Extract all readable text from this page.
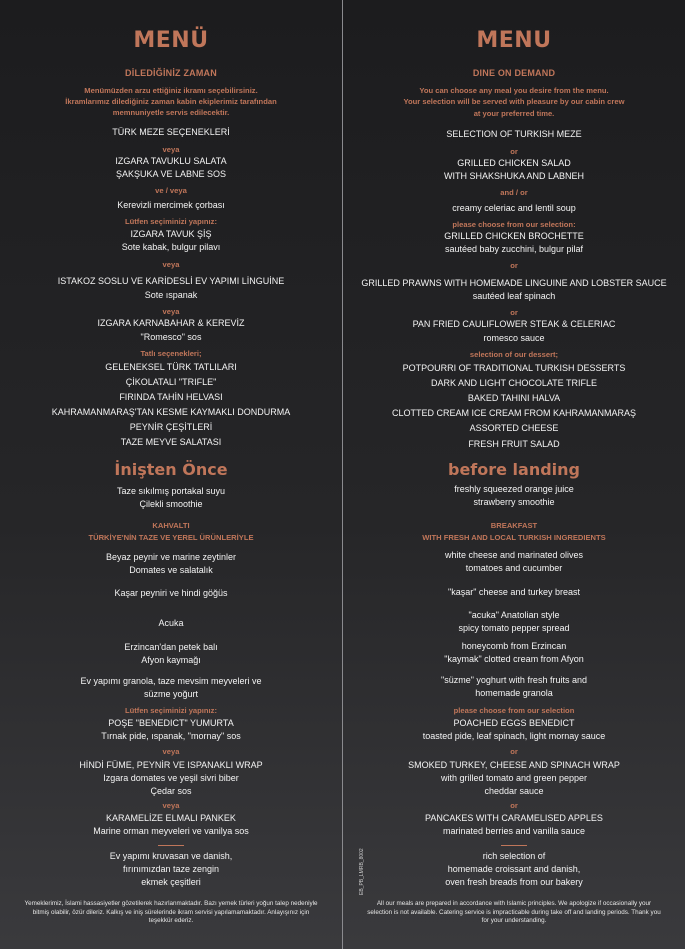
MENÜ
DİLEDİĞİNİZ ZAMAN
Menümüzden arzu ettiğiniz ikramı seçebilirsiniz.
İkramlarımız dilediğiniz zaman kabin ekiplerimiz tarafından
memnuniyetle servis edilecektir.
TÜRK MEZE SEÇENEKLERİ
veya
IZGARA TAVUKLU SALATA
ŞAKŞUKA VE LABNE SOS
ve / veya
Kerevizli mercimek çorbası
Lütfen seçiminizi yapınız:
IZGARA TAVUK ŞİŞ
Sote kabak, bulgur pilavı
veya
ISTAKOZ SOSLU VE KARİDESLİ EV YAPIMI LİNGUİNE
Sote ıspanak
veya
IZGARA KARNABAHAR & KEREVİZ
"Romesco" sos
Tatlı seçenekleri;
GELENEKSEL TÜRK TATLILARI
ÇİKOLATALI "TRIFLE"
FIRINDA TAHİN HELVASI
KAHRAMANMARAŞ'TAN KESME KAYMAKLI DONDURMA
PEYNİR ÇEŞİTLERİ
TAZE MEYVE SALATASI
İnişten Önce
Taze sıkılmış portakal suyu
Çilekli smoothie
KAHVALTI
TÜRKİYE'NİN TAZE VE YEREL ÜRÜNLERİYLE
Beyaz peynir ve marine zeytinler
Domates ve salatalık
Kaşar peyniri ve hindi göğüs
Acuka
Erzincan'dan petek balı
Afyon kaymağı
Ev yapımı granola, taze mevsim meyveleri ve
süzme yoğurt
Lütfen seçiminizi yapınız:
POŞE "BENEDICT" YUMURTA
Tırnak pide, ıspanak, "mornay" sos
veya
HİNDİ FÜME, PEYNİR VE ISPANAKLI WRAP
Izgara domates ve yeşil sivri biber
Çedar sos
veya
KARAMELİZE ELMALI PANKEK
Marine orman meyveleri ve vanilya sos
Ev yapımı kruvasan ve danish,
fırınımızdan taze zengin
ekmek çeşitleri
Yemeklerimiz, İslami hassasiyetler gözetilerek hazırlanmaktadır. Bazı yemek türleri yoğun talep nedeniyle bitmiş olabilir, özür dileriz. Kalkış ve iniş sürelerinde ikram servisi yapılamamaktadır. Anlayışınız için teşekkür ederiz.
MENU
DINE ON DEMAND
You can choose any meal you desire from the menu.
Your selection will be served with pleasure by our cabin crew
at your preferred time.
SELECTION OF TURKISH MEZE
or
GRILLED CHICKEN SALAD
WITH SHAKSHUKA AND LABNEH
and / or
creamy celeriac and lentil soup
please choose from our selection:
GRILLED CHICKEN BROCHETTE
sautéed baby zucchini, bulgur pilaf
or
GRILLED PRAWNS WITH HOMEMADE LINGUINE AND LOBSTER SAUCE
sautéed leaf spinach
or
PAN FRIED CAULIFLOWER STEAK & CELERIAC
romesco sauce
selection of our dessert;
POTPOURRI OF TRADITIONAL TURKISH DESSERTS
DARK AND LIGHT CHOCOLATE TRIFLE
BAKED TAHINI HALVA
CLOTTED CREAM ICE CREAM FROM KAHRAMANMARAŞ
ASSORTED CHEESE
FRESH FRUIT SALAD
before landing
freshly squeezed orange juice
strawberry smoothie
BREAKFAST
WITH FRESH AND LOCAL TURKISH INGREDIENTS
white cheese and marinated olives
tomatoes and cucumber
"kaşar" cheese and turkey breast
"acuka" Anatolian style
spicy tomato pepper spread
honeycomb from Erzincan
"kaymak" clotted cream from Afyon
"süzme" yoghurt with fresh fruits and
homemade granola
please choose from our selection
POACHED EGGS BENEDICT
toasted pide, leaf spinach, light mornay sauce
or
SMOKED TURKEY, CHEESE AND SPINACH WRAP
with grilled tomato and green pepper
cheddar sauce
or
PANCAKES WITH CARAMELISED APPLES
marinated berries and vanilla sauce
rich selection of
homemade croissant and danish,
oven fresh breads from our bakery
All our meals are prepared in accordance with Islamic principles. We apologize if occasionally your selection is not available. Catering service is impracticable during take off and landing periods. Thank you for your understanding.
EB_PB_LMRB_8002
